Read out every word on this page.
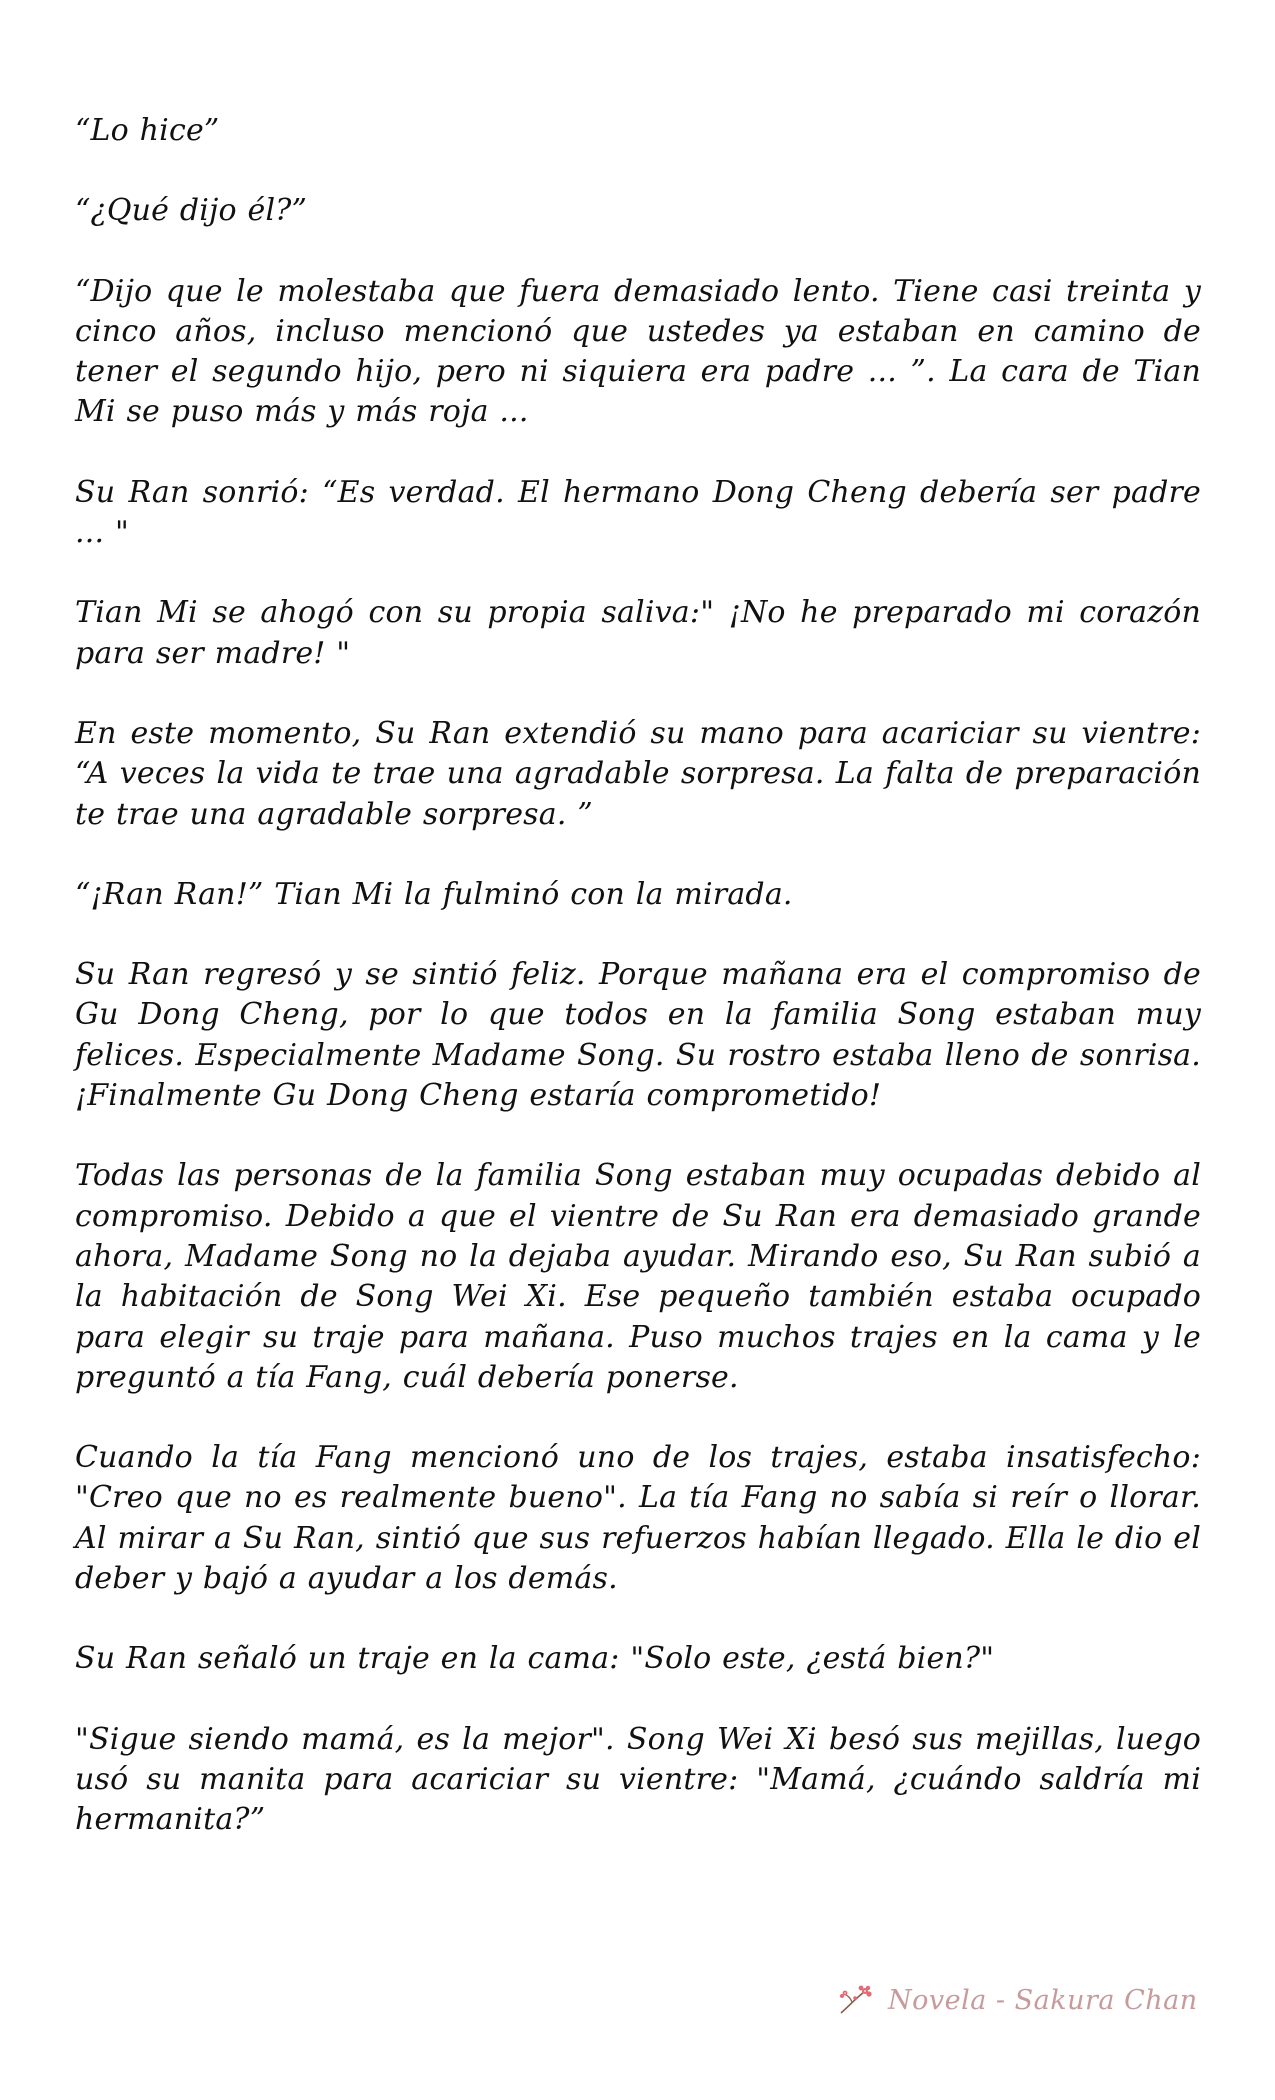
“Lo hice”

“¿Qué dijo él?”

“Dijo que le molestaba que fuera demasiado lento. Tiene casi treinta y cinco años, incluso mencionó que ustedes ya estaban en camino de tener el segundo hijo, pero ni siquiera era padre ... ”. La cara de Tian Mi se puso más y más roja ...

Su Ran sonrió: “Es verdad. El hermano Dong Cheng debería ser padre ... "

Tian Mi se ahogó con su propia saliva:" ¡No he preparado mi corazón para ser madre! "

En este momento, Su Ran extendió su mano para acariciar su vientre: “A veces la vida te trae una agradable sorpresa. La falta de preparación te trae una agradable sorpresa. ”

“¡Ran Ran!” Tian Mi la fulminó con la mirada.

Su Ran regresó y se sintió feliz. Porque mañana era el compromiso de Gu Dong Cheng, por lo que todos en la familia Song estaban muy felices. Especialmente Madame Song. Su rostro estaba lleno de sonrisa. ¡Finalmente Gu Dong Cheng estaría comprometido!

Todas las personas de la familia Song estaban muy ocupadas debido al compromiso. Debido a que el vientre de Su Ran era demasiado grande ahora, Madame Song no la dejaba ayudar. Mirando eso, Su Ran subió a la habitación de Song Wei Xi. Ese pequeño también estaba ocupado para elegir su traje para mañana. Puso muchos trajes en la cama y le preguntó a tía Fang, cuál debería ponerse.

Cuando la tía Fang mencionó uno de los trajes, estaba insatisfecho: "Creo que no es realmente bueno". La tía Fang no sabía si reír o llorar. Al mirar a Su Ran, sintió que sus refuerzos habían llegado. Ella le dio el deber y bajó a ayudar a los demás.

Su Ran señaló un traje en la cama: "Solo este, ¿está bien?"

"Sigue siendo mamá, es la mejor". Song Wei Xi besó sus mejillas, luego usó su manita para acariciar su vientre: "Mamá, ¿cuándo saldría mi hermanita?”

Novela - Sakura Chan
